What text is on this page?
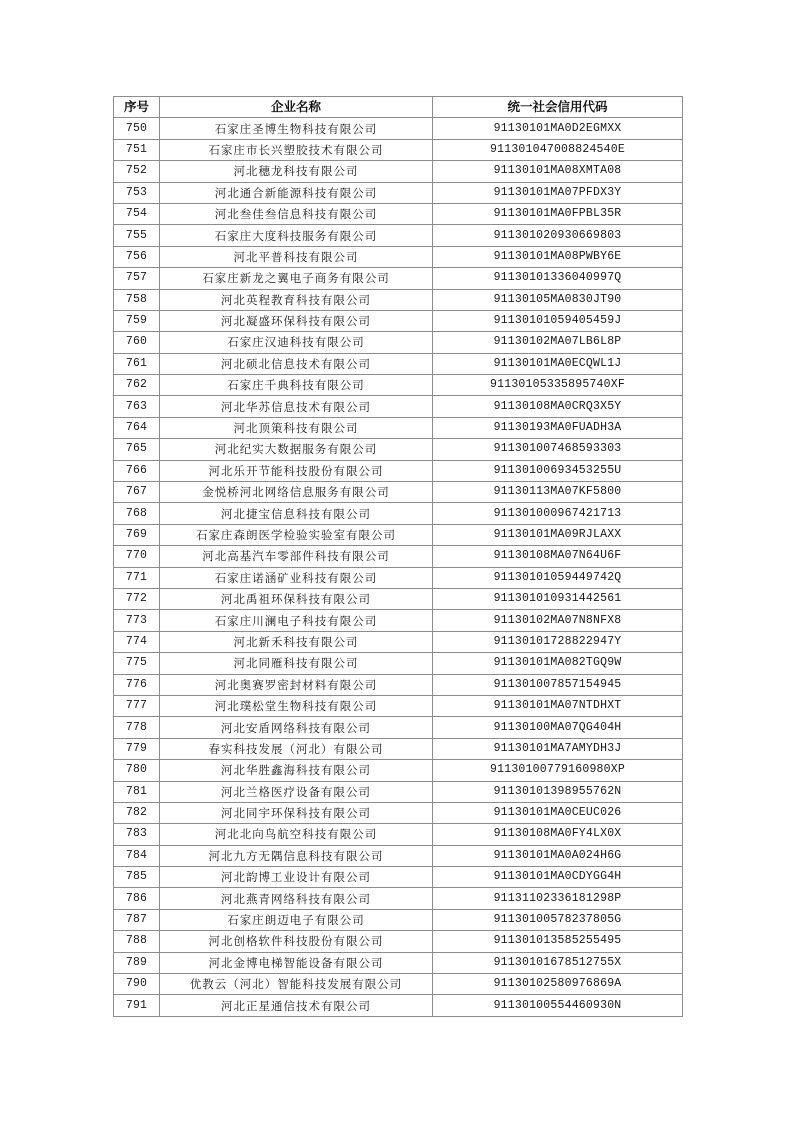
序号	企业名称	统一社会信用代码
750	石家庄圣博生物科技有限公司	91130101MA0D2EGMXX
751	石家庄市长兴塑胶技术有限公司	911301047008824540E
752	河北穗龙科技有限公司	91130101MA08XMTA08
753	河北通合新能源科技有限公司	91130101MA07PFDX3Y
754	河北叁佳叁信息科技有限公司	91130101MA0FPBL35R
755	石家庄大度科技服务有限公司	911301020930669803
756	河北平普科技有限公司	91130101MA08PWBY6E
757	石家庄新龙之翼电子商务有限公司	91130101336040997Q
758	河北英程教育科技有限公司	91130105MA0830JT90
759	河北凝盛环保科技有限公司	91130101059405459J
760	石家庄汉迪科技有限公司	91130102MA07LB6L8P
761	河北硕北信息技术有限公司	91130101MA0ECQWL1J
762	石家庄千典科技有限公司	91130105335895740XF
763	河北华苏信息技术有限公司	91130108MA0CRQ3X5Y
764	河北顶策科技有限公司	91130193MA0FUADH3A
765	河北纪实大数据服务有限公司	911301007468593303
766	河北乐开节能科技股份有限公司	91130100693453255U
767	金悦桥河北网络信息服务有限公司	91130113MA07KF5800
768	河北捷宝信息科技有限公司	911301000967421713
769	石家庄森朗医学检验实验室有限公司	91130101MA09RJLAXX
770	河北高基汽车零部件科技有限公司	91130108MA07N64U6F
771	石家庄诺涵矿业科技有限公司	91130101059449742Q
772	河北禹祖环保科技有限公司	911301010931442561
773	石家庄川澜电子科技有限公司	91130102MA07N8NFX8
774	河北新禾科技有限公司	91130101728822947Y
775	河北同雁科技有限公司	91130101MA082TGQ9W
776	河北奥赛罗密封材料有限公司	911301007857154945
777	河北璞松堂生物科技有限公司	91130101MA07NTDHXT
778	河北安盾网络科技有限公司	91130100MA07QG404H
779	春实科技发展（河北）有限公司	91130101MA7AMYDH3J
780	河北华胜鑫海科技有限公司	91130100779160980XP
781	河北兰格医疗设备有限公司	91130101398955762N
782	河北同宇环保科技有限公司	91130101MA0CEUC026
783	河北北向鸟航空科技有限公司	91130108MA0FY4LX0X
784	河北九方无隅信息科技有限公司	91130101MA0A024H6G
785	河北韵博工业设计有限公司	91130101MA0CDYGG4H
786	河北燕青网络科技有限公司	91131102336181298P
787	石家庄朗迈电子有限公司	91130100578237805G
788	河北创格软件科技股份有限公司	911301013585255495
789	河北金博电梯智能设备有限公司	91130101678512755X
790	优教云（河北）智能科技发展有限公司	91130102580976869A
791	河北正星通信技术有限公司	91130100554460930N
